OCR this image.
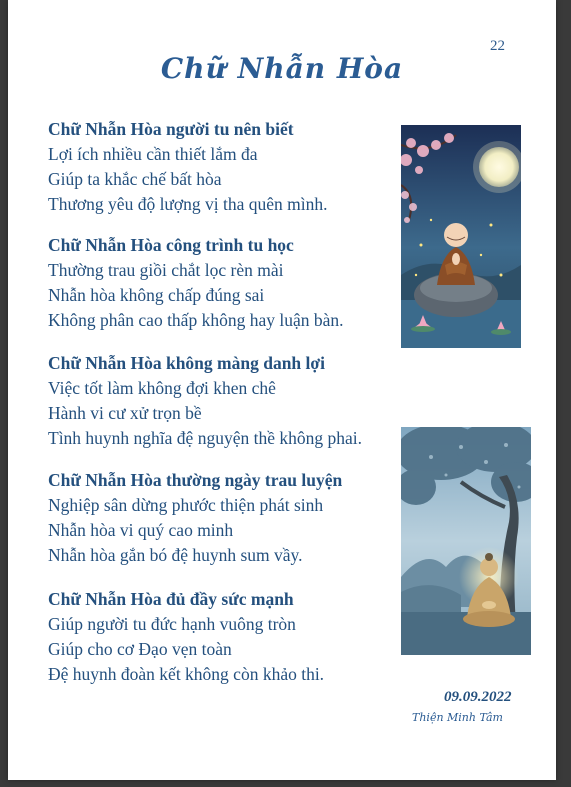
22
Chữ Nhẫn Hòa
Chữ Nhẫn Hòa người tu nên biết
Lợi ích nhiều cần thiết lắm đa
Giúp ta khắc chế bất hòa
Thương yêu độ lượng vị tha quên mình.
Chữ Nhẫn Hòa công trình tu học
Thường trau giồi chắt lọc rèn mài
Nhẫn hòa không chấp đúng sai
Không phân cao thấp không hay luận bàn.
Chữ Nhẫn Hòa không màng danh lợi
Việc tốt làm không đợi khen chê
Hành vi cư xử trọn bề
Tình huynh nghĩa đệ nguyện thề không phai.
Chữ Nhẫn Hòa thường ngày trau luyện
Nghiệp sân dừng phước thiện phát sinh
Nhẫn hòa vi quý cao minh
Nhẫn hòa gắn bó đệ huynh sum vầy.
Chữ Nhẫn Hòa đủ đầy sức mạnh
Giúp người tu đức hạnh vuông tròn
Giúp cho cơ Đạo vẹn toàn
Đệ huynh đoàn kết không còn khảo thi.
09.09.2022
Thiện Minh Tâm
